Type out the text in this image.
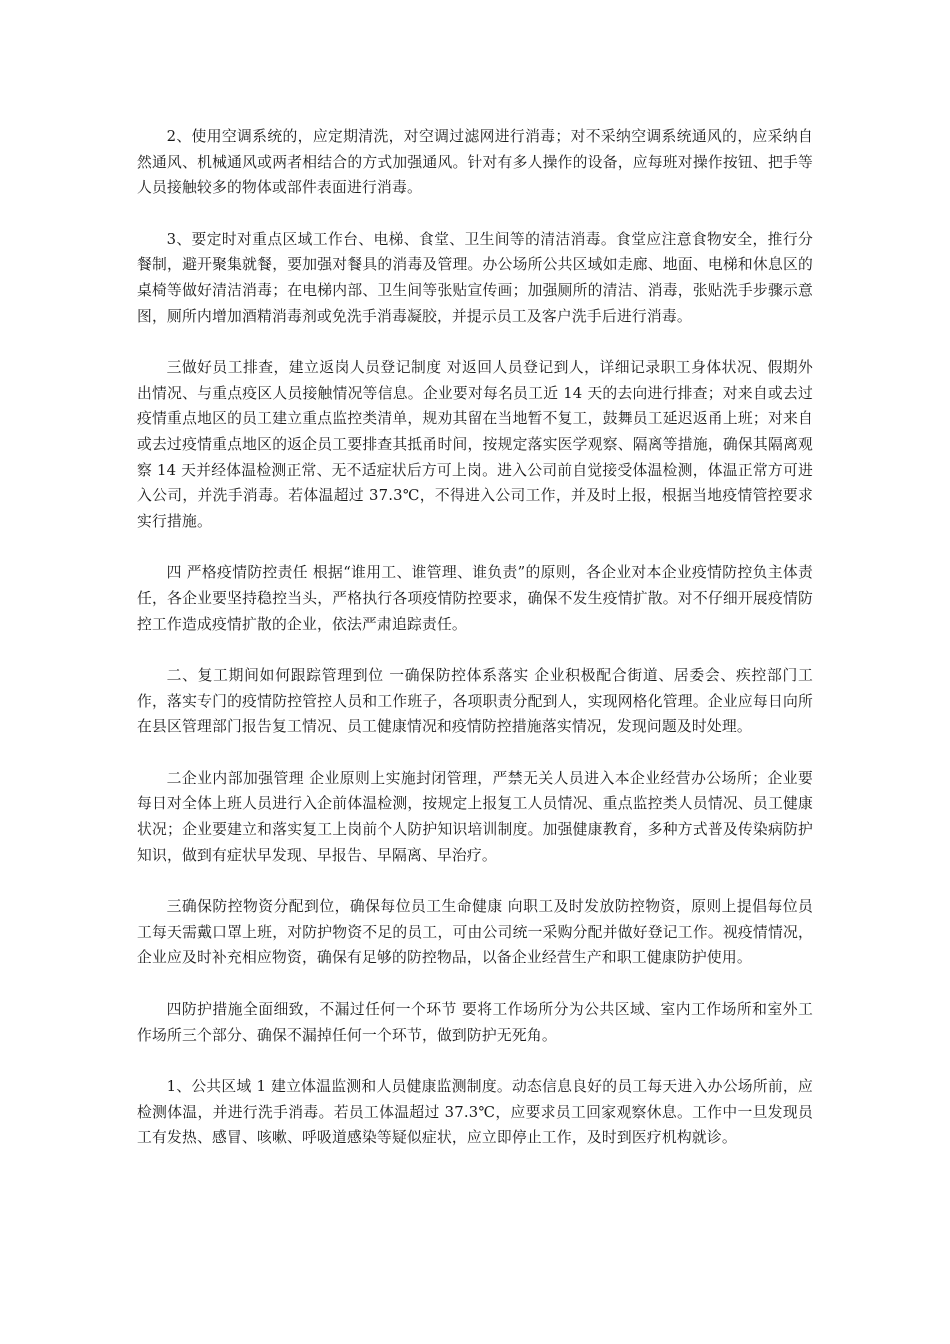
2、使用空调系统的，应定期清洗，对空调过滤网进行消毒；对不采纳空调系统通风的，应采纳自然通风、机械通风或两者相结合的方式加强通风。针对有多人操作的设备，应每班对操作按钮、把手等人员接触较多的物体或部件表面进行消毒。

3、要定时对重点区域工作台、电梯、食堂、卫生间等的清洁消毒。食堂应注意食物安全，推行分餐制，避开聚集就餐，要加强对餐具的消毒及管理。办公场所公共区域如走廊、地面、电梯和休息区的桌椅等做好清洁消毒；在电梯内部、卫生间等张贴宣传画；加强厕所的清洁、消毒，张贴洗手步骤示意图，厕所内增加酒精消毒剂或免洗手消毒凝胶，并提示员工及客户洗手后进行消毒。

三做好员工排查，建立返岗人员登记制度 对返回人员登记到人，详细记录职工身体状况、假期外出情况、与重点疫区人员接触情况等信息。企业要对每名员工近 14 天的去向进行排查；对来自或去过疫情重点地区的员工建立重点监控类清单，规劝其留在当地暂不复工，鼓舞员工延迟返甬上班；对来自或去过疫情重点地区的返企员工要排查其抵甬时间，按规定落实医学观察、隔离等措施，确保其隔离观察 14 天并经体温检测正常、无不适症状后方可上岗。进入公司前自觉接受体温检测，体温正常方可进入公司，并洗手消毒。若体温超过 37.3℃，不得进入公司工作，并及时上报，根据当地疫情管控要求实行措施。

四 严格疫情防控责任 根据“谁用工、谁管理、谁负责”的原则，各企业对本企业疫情防控负主体责任，各企业要坚持稳控当头，严格执行各项疫情防控要求，确保不发生疫情扩散。对不仔细开展疫情防控工作造成疫情扩散的企业，依法严肃追踪责任。

二、复工期间如何跟踪管理到位 一确保防控体系落实 企业积极配合街道、居委会、疾控部门工作，落实专门的疫情防控管控人员和工作班子，各项职责分配到人，实现网格化管理。企业应每日向所在县区管理部门报告复工情况、员工健康情况和疫情防控措施落实情况，发现问题及时处理。

二企业内部加强管理 企业原则上实施封闭管理，严禁无关人员进入本企业经营办公场所；企业要每日对全体上班人员进行入企前体温检测，按规定上报复工人员情况、重点监控类人员情况、员工健康状况；企业要建立和落实复工上岗前个人防护知识培训制度。加强健康教育，多种方式普及传染病防护知识，做到有症状早发现、早报告、早隔离、早治疗。

三确保防控物资分配到位，确保每位员工生命健康 向职工及时发放防控物资，原则上提倡每位员工每天需戴口罩上班，对防护物资不足的员工，可由公司统一采购分配并做好登记工作。视疫情情况，企业应及时补充相应物资，确保有足够的防控物品，以备企业经营生产和职工健康防护使用。

四防护措施全面细致，不漏过任何一个环节 要将工作场所分为公共区域、室内工作场所和室外工作场所三个部分、确保不漏掉任何一个环节，做到防护无死角。

1、公共区域 1 建立体温监测和人员健康监测制度。动态信息良好的员工每天进入办公场所前，应检测体温，并进行洗手消毒。若员工体温超过 37.3℃，应要求员工回家观察休息。工作中一旦发现员工有发热、感冒、咳嗽、呼吸道感染等疑似症状，应立即停止工作，及时到医疗机构就诊。
